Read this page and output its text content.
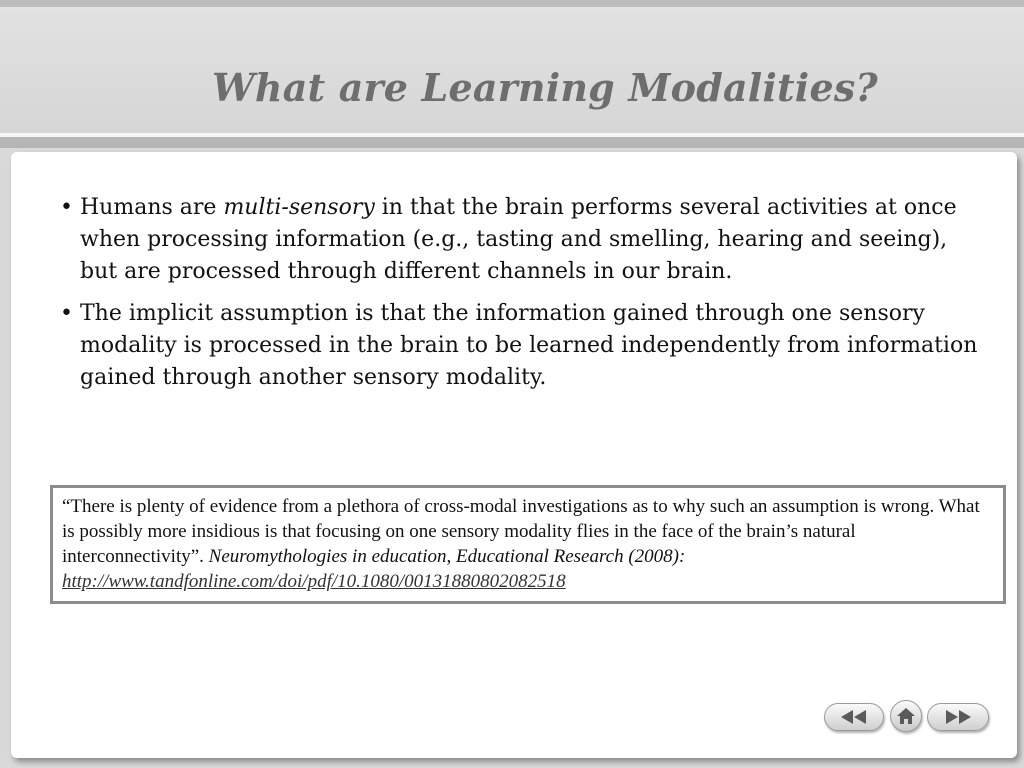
What are Learning Modalities?
• Humans are multi-sensory in that the brain performs several activities at once when processing information (e.g., tasting and smelling, hearing and seeing), but are processed through different channels in our brain.
• The implicit assumption is that the information gained through one sensory modality is processed in the brain to be learned independently from information gained through another sensory modality.
“There is plenty of evidence from a plethora of cross-modal investigations as to why such an assumption is wrong. What is possibly more insidious is that focusing on one sensory modality flies in the face of the brain’s natural interconnectivity”. Neuromythologies in education, Educational Research (2008): http://www.tandfonline.com/doi/pdf/10.1080/00131880802082518
